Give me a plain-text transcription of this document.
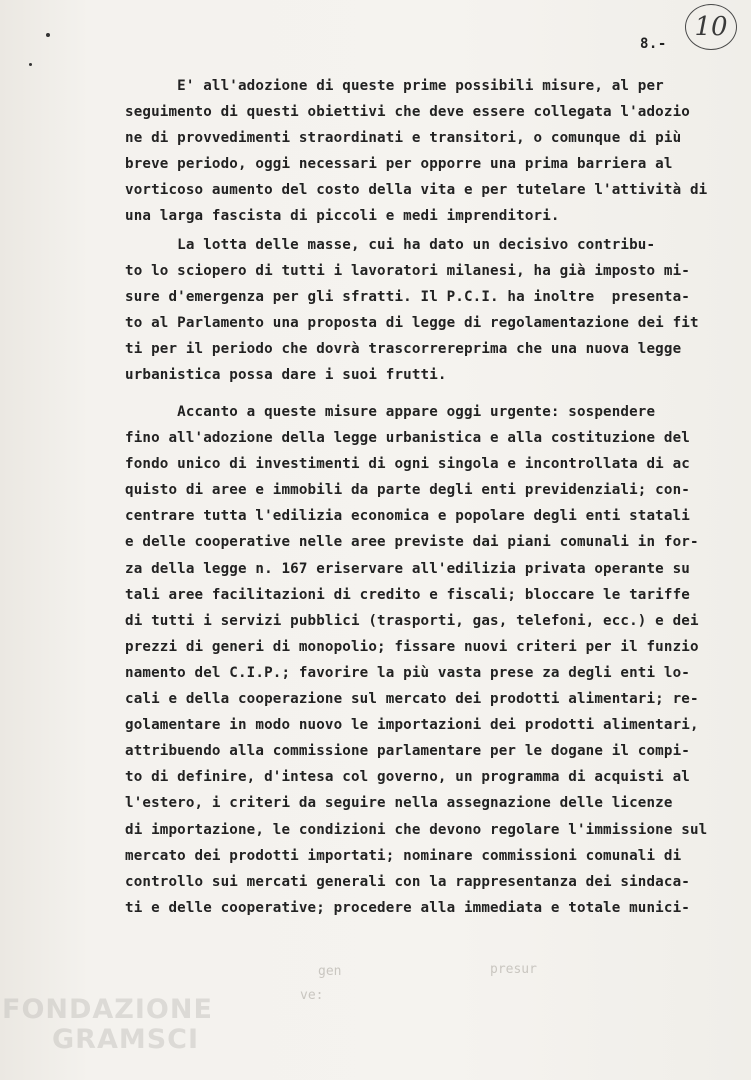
10
8.-
E' all'adozione di queste prime possibili misure, al per
seguimento di questi obiettivi che deve essere collegata l'adozio
ne di provvedimenti straordinati e transitori, o comunque di più
breve periodo, oggi necessari per opporre una prima barriera al
vorticoso aumento del costo della vita e per tutelare l'attività di
una larga fascista di piccoli e medi imprenditori.
La lotta delle masse, cui ha dato un decisivo contribu-
to lo sciopero di tutti i lavoratori milanesi, ha già imposto mi-
sure d'emergenza per gli sfratti. Il P.C.I. ha inoltre  presenta-
to al Parlamento una proposta di legge di regolamentazione dei fit
ti per il periodo che dovrà trascorrereprima che una nuova legge
urbanistica possa dare i suoi frutti.
Accanto a queste misure appare oggi urgente: sospendere
fino all'adozione della legge urbanistica e alla costituzione del
fondo unico di investimenti di ogni singola e incontrollata di ac
quisto di aree e immobili da parte degli enti previdenziali; con-
centrare tutta l'edilizia economica e popolare degli enti statali
e delle cooperative nelle aree previste dai piani comunali in for-
za della legge n. 167 eriservare all'edilizia privata operante su
tali aree facilitazioni di credito e fiscali; bloccare le tariffe
di tutti i servizi pubblici (trasporti, gas, telefoni, ecc.) e dei
prezzi di generi di monopolio; fissare nuovi criteri per il funzio
namento del C.I.P.; favorire la più vasta prese za degli enti lo-
cali e della cooperazione sul mercato dei prodotti alimentari; re-
golamentare in modo nuovo le importazioni dei prodotti alimentari,
attribuendo alla commissione parlamentare per le dogane il compi-
to di definire, d'intesa col governo, un programma di acquisti al
l'estero, i criteri da seguire nella assegnazione delle licenze
di importazione, le condizioni che devono regolare l'immissione sul
mercato dei prodotti importati; nominare commissioni comunali di
controllo sui mercati generali con la rappresentanza dei sindaca-
ti e delle cooperative; procedere alla immediata e totale munici-
gen	presur
ve:
FONDAZIONE
GRAMSCI
